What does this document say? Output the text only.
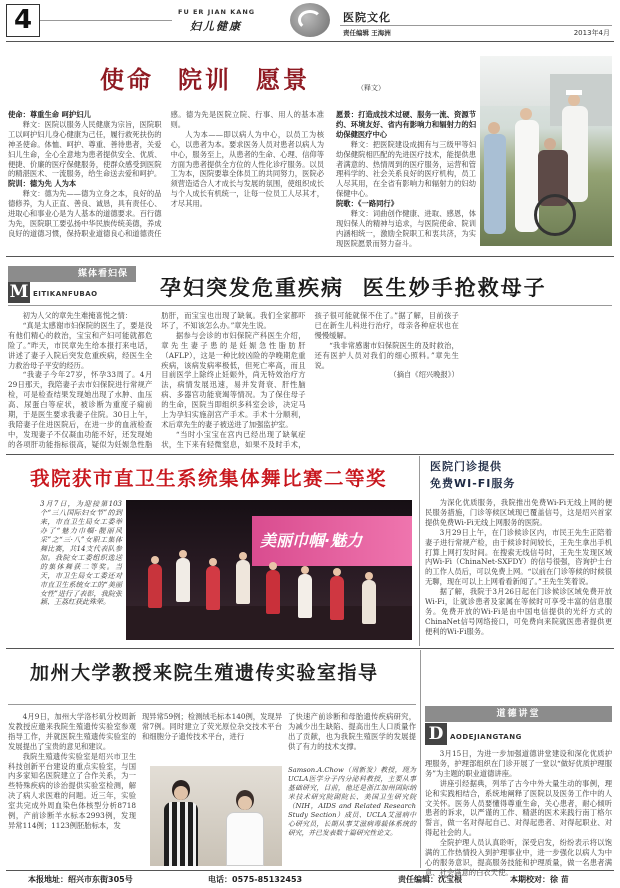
4	FU ER JIAN KANG
妇儿健康
医院文化
责任编辑 王海洲	2013年4月
使命 院训 愿景	（释文）

使命：尊重生命 呵护妇儿

释文：医院以服务人民健康为宗旨，医院职工以呵护妇儿身心健康为己任，履行救死扶伤的神圣使命。体恤、呵护、尊重、善待患者，关爱妇儿生命，全心全意地为患者提供安全、优质、便捷、价廉的医疗保健服务，使群众感受到医院的精湛医术、一流服务，给生命送去爱和呵护。

院训：德为先 人为本

释文：德为先——德为立身之本，良好的品德修养，为人正直、善良、诚恳，具有责任心、进取心和事业心是为人基本的道德要求。百行德为先，医院职工要弘扬中华民族传统美德，养成良好的道德习惯，保持职业道德良心和道德责任感。德为先是医院立院、行事、用人的基本准则。

人为本——即以病人为中心，以员工为核心，以患者为本。要求医务人员对患者以病人为中心，服务至上，从患者的生命、心理、信仰等方面为患者提供全方位的人性化诊疗服务。以员工为本，医院要靠全体员工的共同努力，医院必须营造适合人才成长与发展的氛围，使组织成长与个人成长有机统一，让每一位员工人尽其才，才尽其用。

愿景：打造成技术过硬、服务一流、资源节约、环境友好、省内有影响力和辐射力的妇幼保健医疗中心

释文：把医院建设成拥有与三级甲等妇幼保健院相匹配的先进医疗技术，能提供患者满意的、热情周到的医疗服务，运营和管理科学的、社会关系良好的医疗机构，员工人尽其用，在全省有影响力和辐射力的妇幼保健中心。

院歌：《一路同行》

释文：词曲创作健康、进取、感恩，体现妇保人的精神与追求，与医院使命、院训内涵相统一，激励全院职工和衷共济，为实现医院愿景而努力奋斗。

媒体看妇保
M EITIKANFUBAO	孕妇突发危重疾病  医生妙手抢救母子

初为人父的章先生难掩喜悦之情：

“真是太感谢市妇保院的医生了，要是没有他们精心的救治，宝宝和产妇可能就都危险了。”昨天，市民章先生给本报打来电话，讲述了妻子入院后突发危重疾病，经医生全力救治母子平安的经历。

“我妻子今年27岁，怀孕33周了。4月29日那天，我陪妻子去市妇保院进行常规产检，可是检查结果发现她出现了水肿、血压高、尿蛋白等症状，被诊断为重度子痫前期，于是医生要求我妻子住院。30日上午，我陪妻子住进医院后，在进一步的血液检查中，发现妻子不仅凝血功能不好，还发现她的各项肝功能指标很高，疑似为妊娠急性脂肪肝，而宝宝也出现了缺氧。我们全家都吓坏了，不知该怎么办。”章先生说。

据参与会诊的市妇保院产科医生介绍，章先生妻子患的是妊娠急性脂肪肝（AFLP），这是一种比较凶险的孕晚期危重疾病，该病发病率极低，但死亡率高，而且目前医学上除终止妊娠外，尚无特效治疗方法，病情发展迅速，易并发肾衰、肝性脑病、多器官功能衰竭等情况。为了保住母子的生命，医院当即组织多科室会诊，决定马上为孕妇实施剖宫产手术。手术十分顺利，术后章先生的妻子被送进了加强监护室。

“当时小宝宝在宫内已经出现了缺氧症状，生下来有轻微窒息，如果不及时手术，孩子很可能就保不住了。”据了解，目前孩子已在新生儿科进行治疗，母亲各种症状也在慢慢缓解。

“我非常感谢市妇保院医生的及时救治，还有医护人员对我们的细心照料。”章先生说。

（摘自《绍兴晚报》）

我院获市直卫生系统集体舞比赛二等奖
3月7日，为迎接第103个“三八国际妇女节”的到来，市直卫生局女工委举办了“魅力巾帼·靓丽风采”之“三·八”女职工集体舞比赛，共14支代表队参加。我院女工委组织选送的集体舞获二等奖。当天，市卫生局女工委还对市直卫生系统女工的“美丽女性”进行了表彰，我院张颖、王荔红获此殊荣。
美丽巾帼·魅力
医院门诊提供
免费WI-FI服务

为深化优质服务，我院推出免费Wi-Fi无线上网的便民服务措施，门诊等候区域现已覆盖信号，这是绍兴首家提供免费Wi-Fi无线上网服务的医院。

3月29日上午，在门诊候诊区内，市民王先生正陪着妻子进行常规产检，由于候诊时间较长，王先生拿出手机打算上网打发时间。在搜索无线信号时，王先生发现区域内Wi-Fi（ChinaNet-SXFDY）的信号很强，咨询护士台的工作人员后，可以免费上网。“以前在门诊等候的时候很无聊，现在可以上上网看看新闻了。”王先生笑着说。

据了解，我院于3月26日起在门诊候诊区域免费开放Wi-Fi，让就诊患者及家属在等候时可享受丰富的信息服务。免费开放的Wi-Fi是由中国电信提供的光纤方式的ChinaNet信号网络接口，可免费向来院就医患者提供更便利的Wi-Fi服务。

加州大学教授来院生殖遗传实验室指导

4月9日，加州大学洛杉矶分校周新发教授应邀来我院生殖遗传实验室参观指导工作，并就医院生殖遗传实验室的发展提出了宝贵的意见和建议。

我院生殖遗传实验室是绍兴市卫生科技创新平台建设的重点实验室，与国内多家知名医院建立了合作关系，为一些特殊疾病的诊治提供实验室检测，解决了病人求医难的问题。近三年，实验室共完成外周血染色体核型分析8718例，产前诊断羊水标本2993例，发现异常114例；1123例胚胎标本，发

现异常59例；检测绒毛标本140例，发现异常7例。同时建立了荧光原位杂交技术平台和细胞分子遗传技术平台，进行

了快速产前诊断和母胎遗传疾病研究，为减少出生缺陷、提高出生人口质量作出了贡献，也为我院生殖医学的发展提供了有力的技术支撑。

Samson.A.Chow（周新发）教授，现为UCLA医学分子内分泌科教授，主要从事基础研究，目前，他还是浙江加州国际纳米技术研究院副院长、美国卫生研究院（NIH，AIDS and Related Research Study Section）成员、UCLA艾滋病中心研究员，长期从事艾滋病毒载体系统的研究，并已发表数十篇研究性论文。
道德讲堂
D AODEJIANGTANG

3月15日，为进一步加强道德讲堂建设和深化优质护理服务，护理部组织在门诊开展了一堂以“做好优质护理服务”为主题的职业道德讲座。

讲座引经据典，列举了古今中外大量生动的事例，理论和实践相结合，系统地阐释了医院以及医务工作中的人文关怀。医务人员要懂得尊重生命，关心患者，耐心倾听患者的诉求，以严谨的工作、精湛的医术来践行南丁格尔誓言，做一名对得起自己、对得起患者、对得起职业、对得起社会的人。

全院护理人员认真聆听，深受启发，纷纷表示将以饱满的工作热情投入到护理事业中，进一步强化以病人为中心的服务意识，提高服务技能和护理质量，做一名患者满意、社会满意的白衣天使。

本报地址：绍兴市东街305号	电话：0575-85132453	责任编辑：沈宝根	本期校对：徐 苗
